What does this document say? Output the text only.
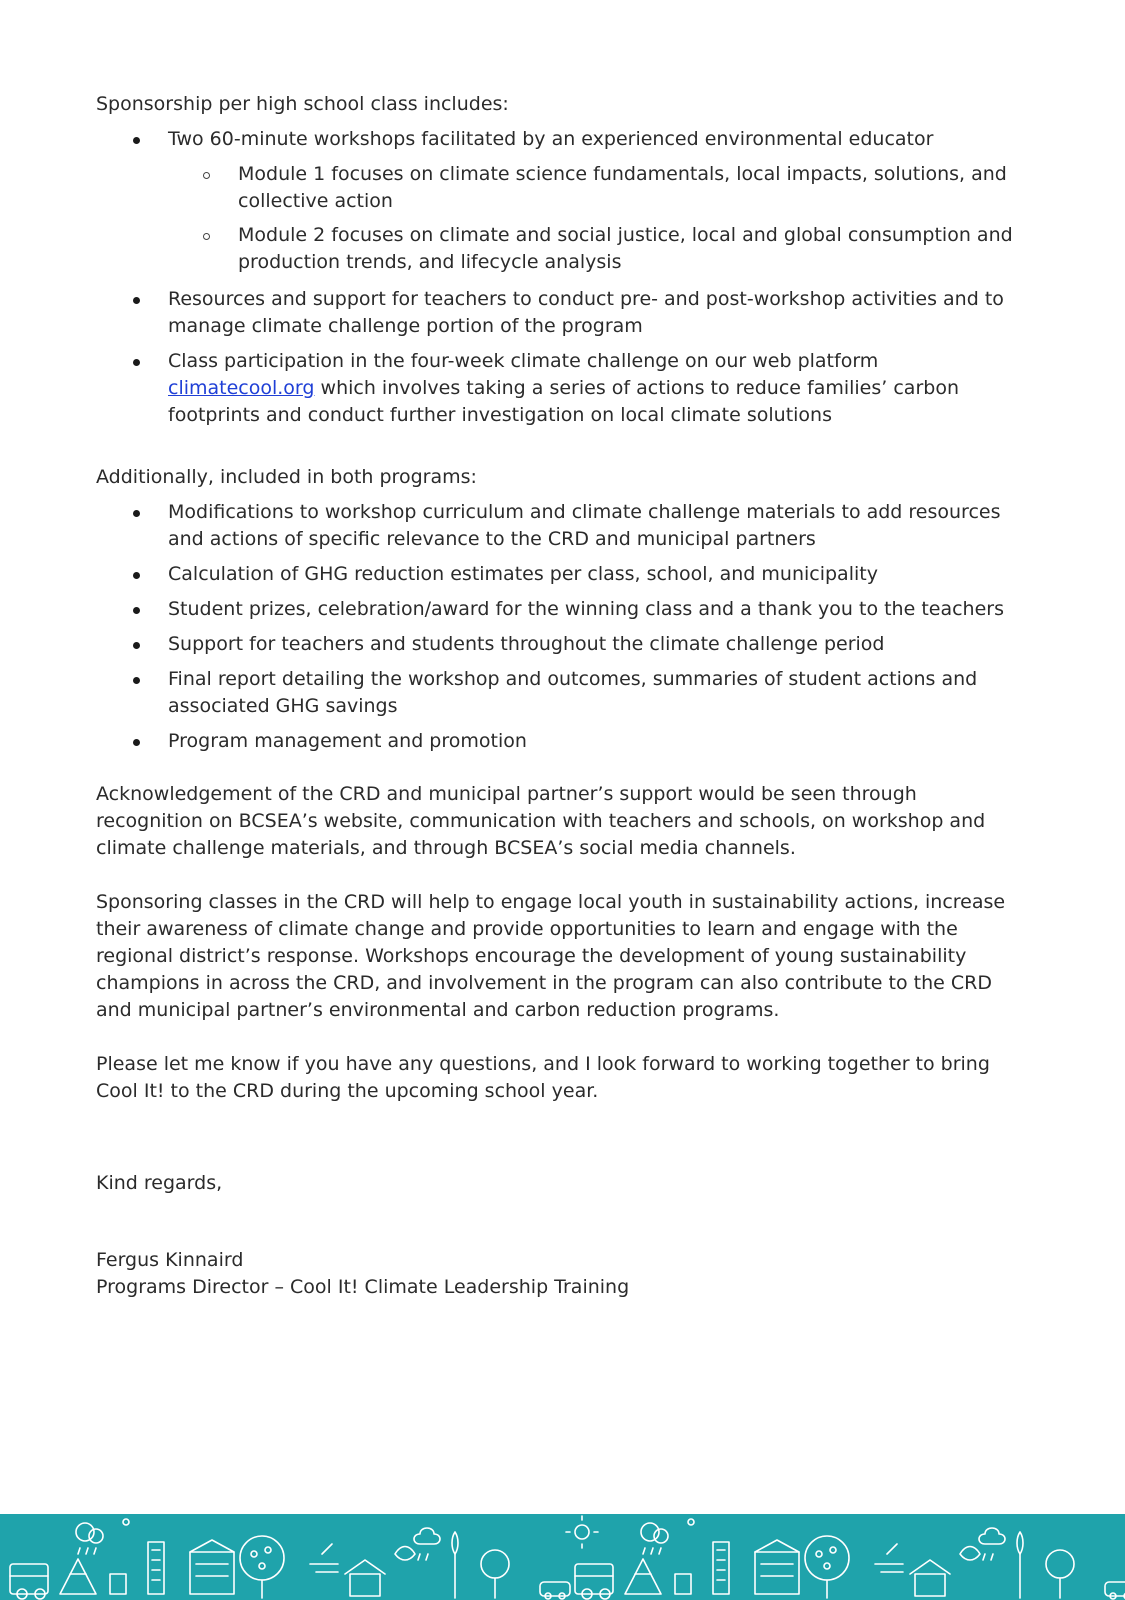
Sponsorship per high school class includes:

Two 60-minute workshops facilitated by an experienced environmental educator
Module 1 focuses on climate science fundamentals, local impacts, solutions, and collective action
Module 2 focuses on climate and social justice, local and global consumption and production trends, and lifecycle analysis
Resources and support for teachers to conduct pre- and post-workshop activities and to manage climate challenge portion of the program
Class participation in the four-week climate challenge on our web platform climatecool.org which involves taking a series of actions to reduce families’ carbon footprints and conduct further investigation on local climate solutions

Additionally, included in both programs:

Modifications to workshop curriculum and climate challenge materials to add resources and actions of specific relevance to the CRD and municipal partners
Calculation of GHG reduction estimates per class, school, and municipality
Student prizes, celebration/award for the winning class and a thank you to the teachers
Support for teachers and students throughout the climate challenge period
Final report detailing the workshop and outcomes, summaries of student actions and associated GHG savings
Program management and promotion

Acknowledgement of the CRD and municipal partner’s support would be seen through recognition on BCSEA’s website, communication with teachers and schools, on workshop and climate challenge materials, and through BCSEA’s social media channels.

Sponsoring classes in the CRD will help to engage local youth in sustainability actions, increase their awareness of climate change and provide opportunities to learn and engage with the regional district’s response. Workshops encourage the development of young sustainability champions in across the CRD, and involvement in the program can also contribute to the CRD and municipal partner’s environmental and carbon reduction programs.

Please let me know if you have any questions, and I look forward to working together to bring Cool It! to the CRD during the upcoming school year.

Kind regards,

Fergus Kinnaird

Programs Director – Cool It! Climate Leadership Training
